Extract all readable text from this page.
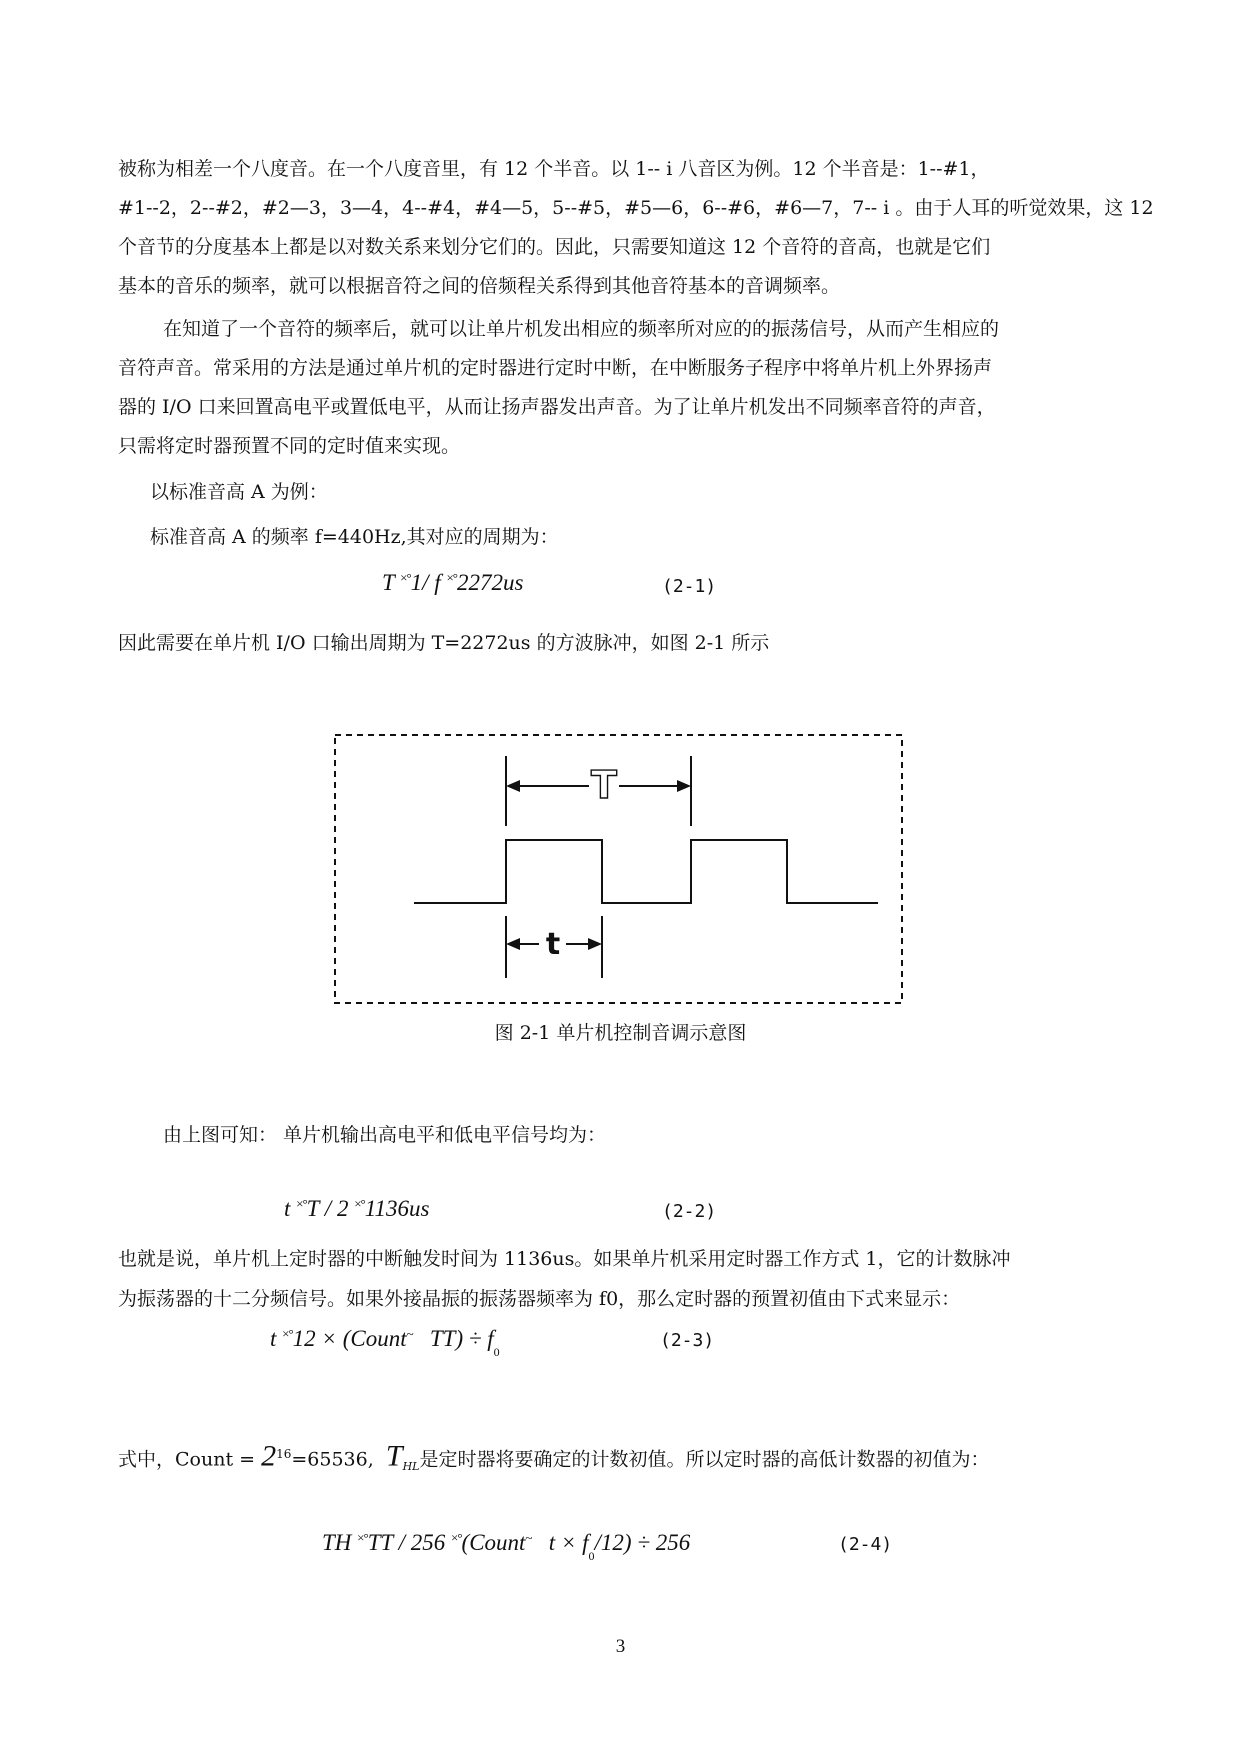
被称为相差一个八度音。在一个八度音里，有 12 个半音。以 1-- i 八音区为例。12 个半音是：1--#1，
#1--2，2--#2，#2—3，3—4，4--#4，#4—5，5--#5，#5—6，6--#6，#6—7，7-- i 。由于人耳的听觉效果，这 12
个音节的分度基本上都是以对数关系来划分它们的。因此，只需要知道这 12 个音符的音高，也就是它们
基本的音乐的频率，就可以根据音符之间的倍频程关系得到其他音符基本的音调频率。
在知道了一个音符的频率后，就可以让单片机发出相应的频率所对应的的振荡信号，从而产生相应的
音符声音。常采用的方法是通过单片机的定时器进行定时中断，在中断服务子程序中将单片机上外界扬声
器的 I/O 口来回置高电平或置低电平，从而让扬声器发出声音。为了让单片机发出不同频率音符的声音，
只需将定时器预置不同的定时值来实现。
以标准音高 A 为例：
标准音高 A 的频率 f=440Hz,其对应的周期为：
T ×°1/ f ×°2272us	(2-1)
因此需要在单片机 I/O 口输出周期为 T=2272us 的方波脉冲，如图 2-1 所示
T
t
图 2-1 单片机控制音调示意图
由上图可知： 单片机输出高电平和低电平信号均为：
t ×°T / 2 ×°1136us	(2-2)
也就是说，单片机上定时器的中断触发时间为 1136us。如果单片机采用定时器工作方式 1，它的计数脉冲
为振荡器的十二分频信号。如果外接晶振的振荡器频率为 f0，那么定时器的预置初值由下式来显示：
t ×°12 × (Count~ $TT) \div f_0$
(2-3)
式中，Count = $2^{16}=65536$, $T_{HL}$是定时器将要确定的计数初值。所以定时器的高低计数器的初值为：
TH ×°TT / 256 ×°(Count~ $t \times f_0/12) \div 256$	(2-4)
3
